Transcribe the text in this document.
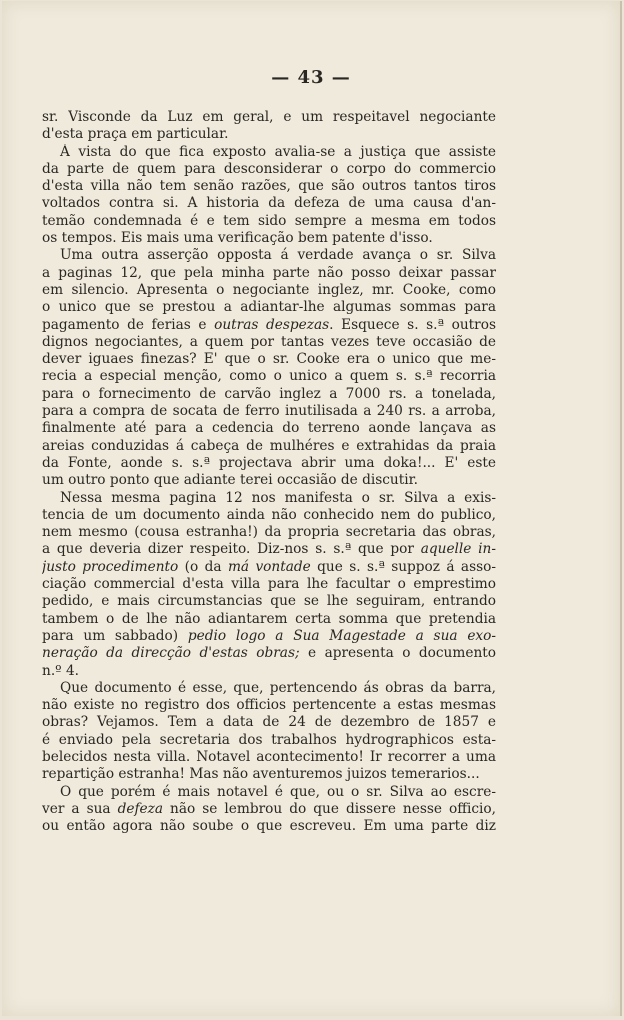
— 43 —
sr. Visconde da Luz em geral, e um respeitavel negociante
d'esta praça em particular.
À vista do que fica exposto avalia-se a justiça que assiste
da parte de quem para desconsiderar o corpo do commercio
d'esta villa não tem senão razões, que são outros tantos tiros
voltados contra si. A historia da defeza de uma causa d'an-
temão condemnada é e tem sido sempre a mesma em todos
os tempos. Eis mais uma verificação bem patente d'isso.
Uma outra asserção opposta á verdade avança o sr. Silva
a paginas 12, que pela minha parte não posso deixar passar
em silencio. Apresenta o negociante inglez, mr. Cooke, como
o unico que se prestou a adiantar-lhe algumas sommas para
pagamento de ferias e outras despezas. Esquece s. s.ª outros
dignos negociantes, a quem por tantas vezes teve occasião de
dever iguaes finezas? E' que o sr. Cooke era o unico que me-
recia a especial menção, como o unico a quem s. s.ª recorria
para o fornecimento de carvão inglez a 7000 rs. a tonelada,
para a compra de socata de ferro inutilisada a 240 rs. a arroba,
finalmente até para a cedencia do terreno aonde lançava as
areias conduzidas á cabeça de mulhéres e extrahidas da praia
da Fonte, aonde s. s.ª projectava abrir uma doka!... E' este
um outro ponto que adiante terei occasião de discutir.
Nessa mesma pagina 12 nos manifesta o sr. Silva a exis-
tencia de um documento ainda não conhecido nem do publico,
nem mesmo (cousa estranha!) da propria secretaria das obras,
a que deveria dizer respeito. Diz-nos s. s.ª que por aquelle in-
justo procedimento (o da má vontade que s. s.ª suppoz á asso-
ciação commercial d'esta villa para lhe facultar o emprestimo
pedido, e mais circumstancias que se lhe seguiram, entrando
tambem o de lhe não adiantarem certa somma que pretendia
para um sabbado) pedio logo a Sua Magestade a sua exo-
neração da direcção d'estas obras; e apresenta o documento
n.º 4.
Que documento é esse, que, pertencendo ás obras da barra,
não existe no registro dos officios pertencente a estas mesmas
obras? Vejamos. Tem a data de 24 de dezembro de 1857 e
é enviado pela secretaria dos trabalhos hydrographicos esta-
belecidos nesta villa. Notavel acontecimento! Ir recorrer a uma
repartição estranha! Mas não aventuremos juizos temerarios...
O que porém é mais notavel é que, ou o sr. Silva ao escre-
ver a sua defeza não se lembrou do que dissere nesse officio,
ou então agora não soube o que escreveu. Em uma parte diz
